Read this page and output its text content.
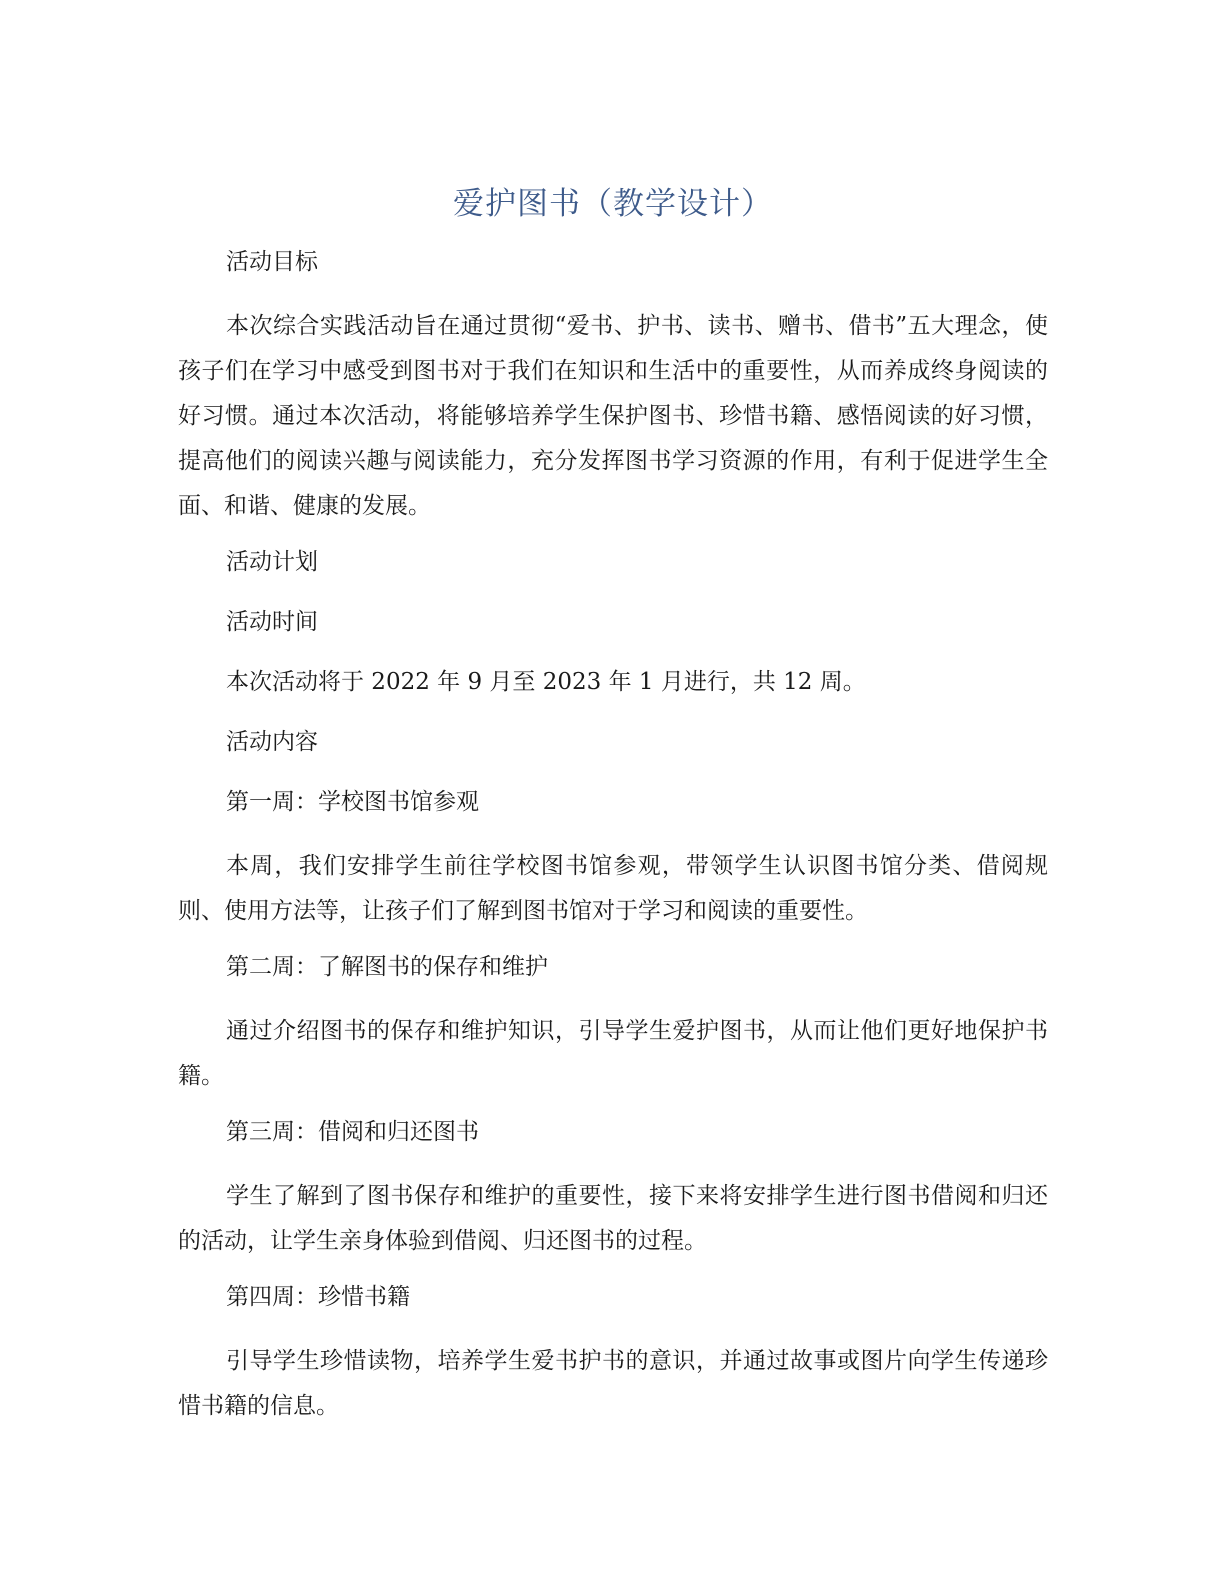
爱护图书（教学设计）
活动目标
本次综合实践活动旨在通过贯彻“爱书、护书、读书、赠书、借书”五大理念，使孩子们在学习中感受到图书对于我们在知识和生活中的重要性，从而养成终身阅读的好习惯。通过本次活动，将能够培养学生保护图书、珍惜书籍、感悟阅读的好习惯，提高他们的阅读兴趣与阅读能力，充分发挥图书学习资源的作用，有利于促进学生全面、和谐、健康的发展。
活动计划
活动时间
本次活动将于 2022 年 9 月至 2023 年 1 月进行，共 12 周。
活动内容
第一周：学校图书馆参观
本周，我们安排学生前往学校图书馆参观，带领学生认识图书馆分类、借阅规则、使用方法等，让孩子们了解到图书馆对于学习和阅读的重要性。
第二周：了解图书的保存和维护
通过介绍图书的保存和维护知识，引导学生爱护图书，从而让他们更好地保护书籍。
第三周：借阅和归还图书
学生了解到了图书保存和维护的重要性，接下来将安排学生进行图书借阅和归还的活动，让学生亲身体验到借阅、归还图书的过程。
第四周：珍惜书籍
引导学生珍惜读物，培养学生爱书护书的意识，并通过故事或图片向学生传递珍惜书籍的信息。
